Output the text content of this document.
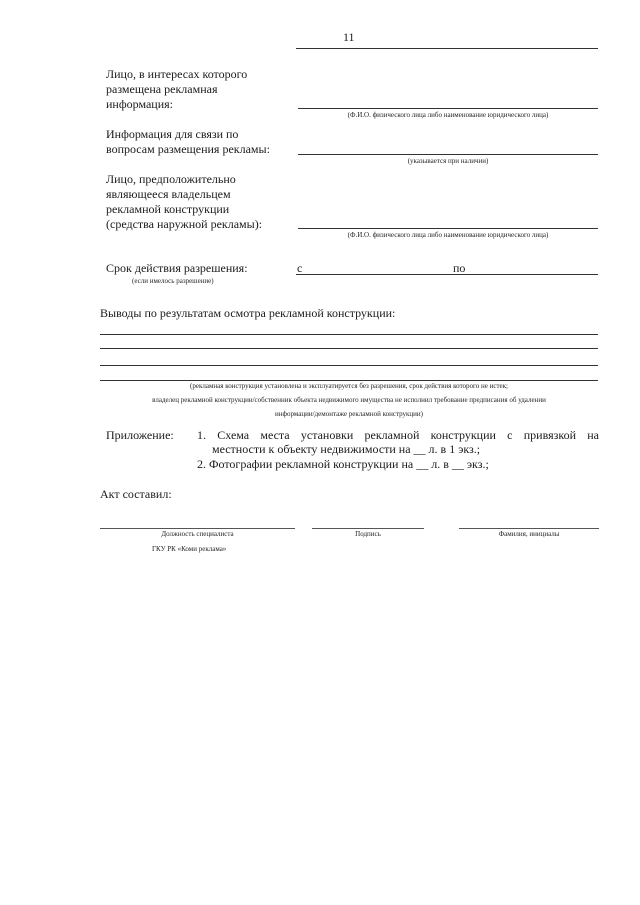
11
Лицо, в интересах которого
размещена рекламная
информация:
(Ф.И.О. физического лица либо наименование юридического лица)
Информация для связи по
вопросам размещения рекламы:
(указывается при наличии)
Лицо, предположительно
являющееся владельцем
рекламной конструкции
(средства наружной рекламы):
(Ф.И.О. физического лица либо наименование юридического лица)
Срок действия разрешения:
(если имелось разрешение)
с	по
Выводы по результатам осмотра рекламной конструкции:
(рекламная конструкция установлена и эксплуатируется без разрешения, срок действия которого не истек;
владелец рекламной конструкции/собственник объекта недвижимого имущества не исполнил требование предписания об удалении
информации/демонтаже рекламной конструкции)
Приложение: 1. Схема места установки рекламной конструкции с привязкой на
местности к объекту недвижимости на __ л. в 1 экз.;
2. Фотографии рекламной конструкции на __ л. в __ экз.;
Акт составил:
Должность специалиста	Подпись	Фамилия, инициалы
ГКУ РК «Коми реклама»
